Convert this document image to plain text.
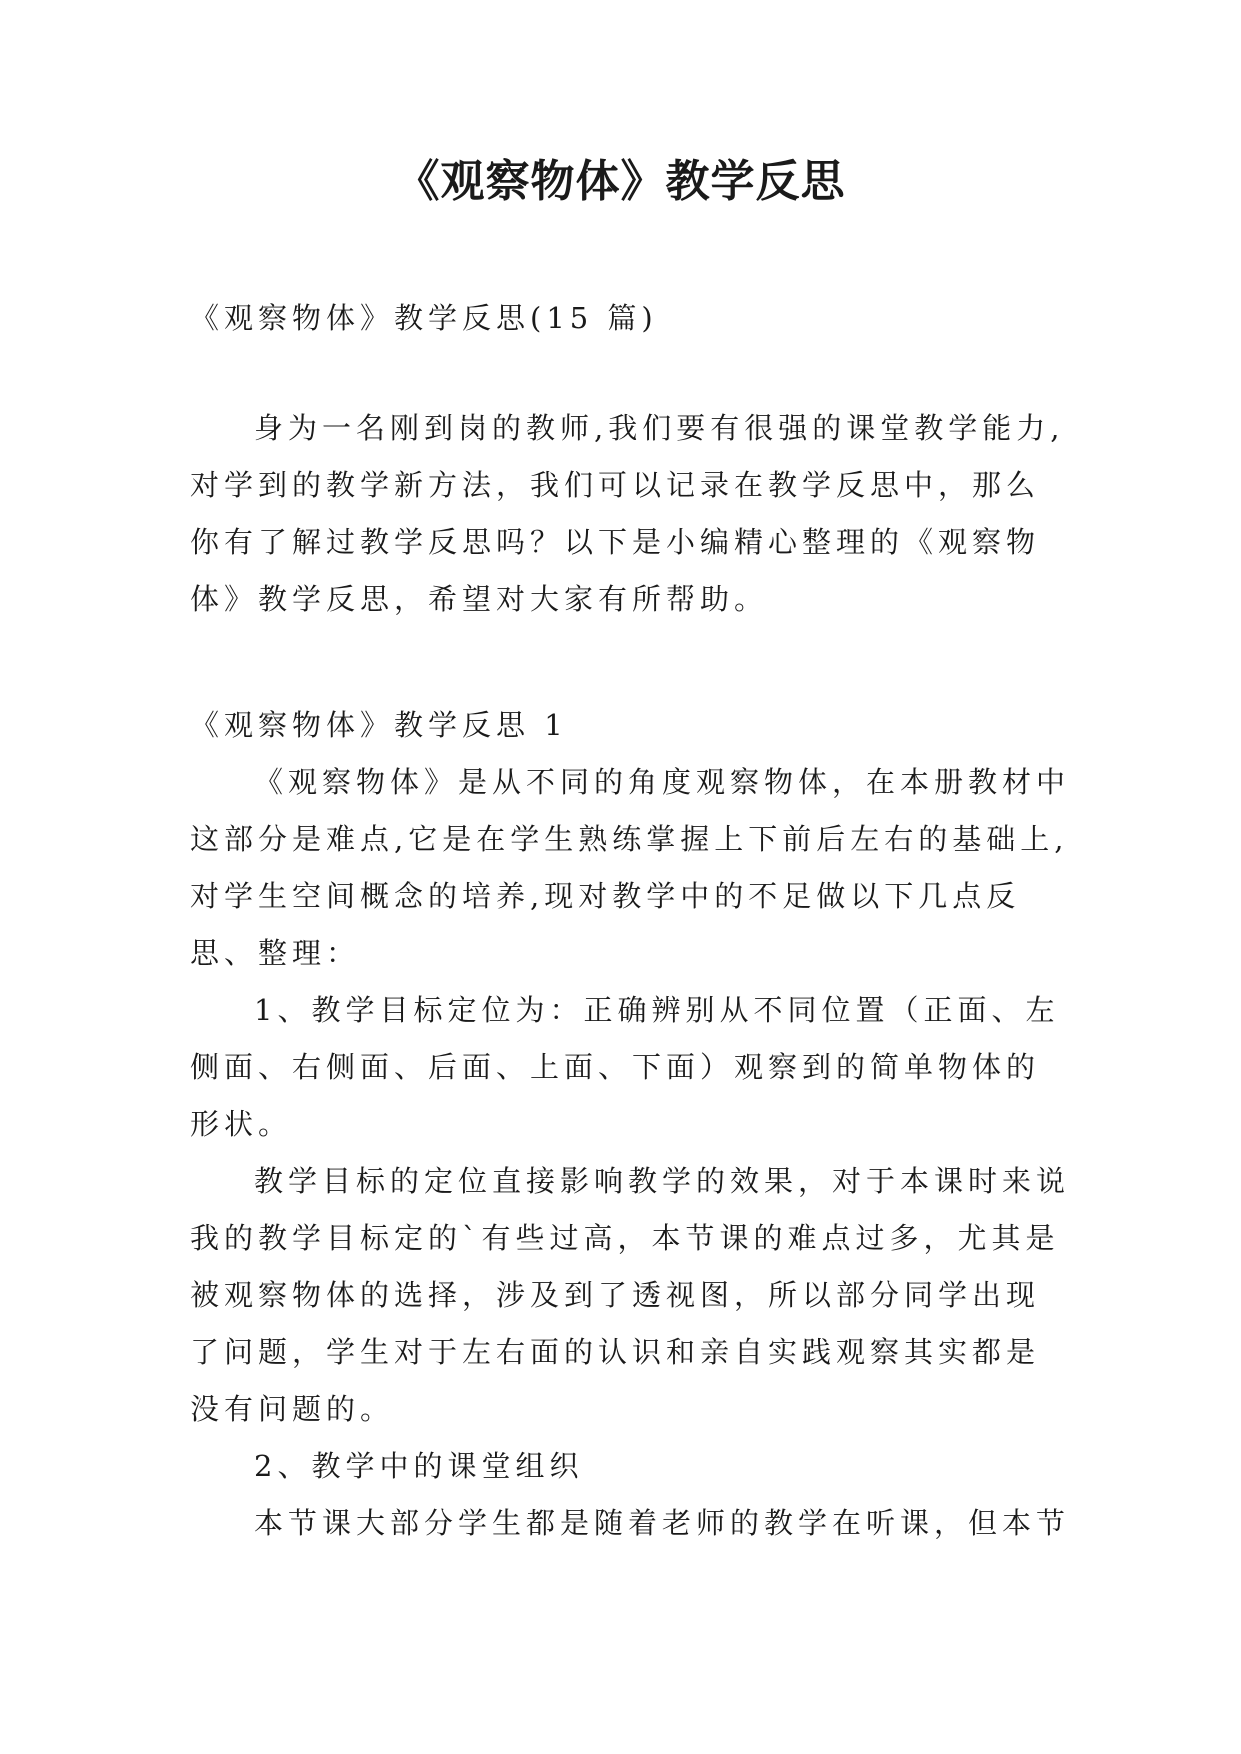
《观察物体》教学反思
《观察物体》教学反思(15 篇)

身为一名刚到岗的教师,我们要有很强的课堂教学能力,对学到的教学新方法，我们可以记录在教学反思中，那么你有了解过教学反思吗？以下是小编精心整理的《观察物体》教学反思，希望对大家有所帮助。

《观察物体》教学反思 1

《观察物体》是从不同的角度观察物体，在本册教材中这部分是难点,它是在学生熟练掌握上下前后左右的基础上,对学生空间概念的培养,现对教学中的不足做以下几点反思、整理：

1、教学目标定位为：正确辨别从不同位置（正面、左侧面、右侧面、后面、上面、下面）观察到的简单物体的形状。

教学目标的定位直接影响教学的效果，对于本课时来说我的教学目标定的`有些过高，本节课的难点过多，尤其是被观察物体的选择，涉及到了透视图，所以部分同学出现了问题，学生对于左右面的认识和亲自实践观察其实都是没有问题的。

2、教学中的课堂组织

本节课大部分学生都是随着老师的教学在听课，但本节
